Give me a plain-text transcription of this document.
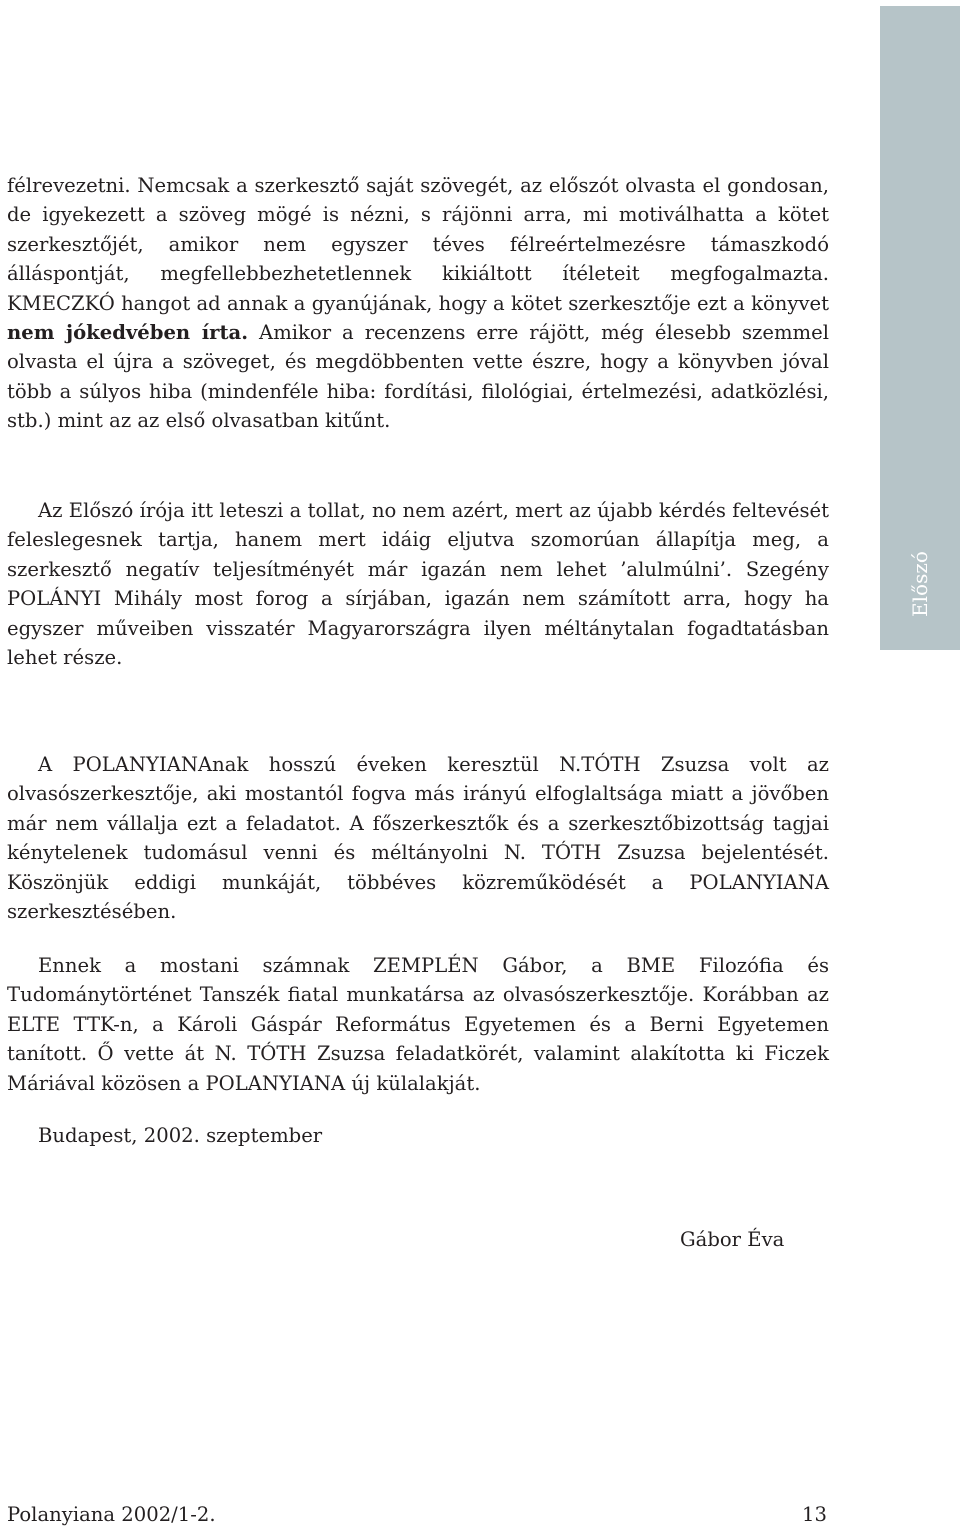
Előszó

félrevezetni. Nemcsak a szerkesztő saját szövegét, az előszót olvasta el gondosan, de igyekezett a szöveg mögé is nézni, s rájönni arra, mi motiválhatta a kötet szerkesztőjét, amikor nem egyszer téves félreértelmezésre támaszkodó álláspontját, megfellebbezhetetlennek kikiáltott ítéleteit megfogalmazta. KMECZKÓ hangot ad annak a gyanújának, hogy a kötet szerkesztője ezt a könyvet nem jókedvében írta. Amikor a recenzens erre rájött, még élesebb szemmel olvasta el újra a szöveget, és megdöbbenten vette észre, hogy a könyvben jóval több a súlyos hiba (mindenféle hiba: fordítási, filológiai, értelmezési, adatközlési, stb.) mint az az első olvasatban kitűnt.

Az Előszó írója itt leteszi a tollat, no nem azért, mert az újabb kérdés feltevését feleslegesnek tartja, hanem mert idáig eljutva szomorúan állapítja meg, a szerkesztő negatív teljesítményét már igazán nem lehet ’alulmúlni’. Szegény POLÁNYI Mihály most forog a sírjában, igazán nem számított arra, hogy ha egyszer műveiben visszatér Magyarországra ilyen méltánytalan fogadtatásban lehet része.

A POLANYIANAnak hosszú éveken keresztül N.TÓTH Zsuzsa volt az olvasószerkesztője, aki mostantól fogva más irányú elfoglaltsága miatt a jövőben már nem vállalja ezt a feladatot. A főszerkesztők és a szerkesztőbizottság tagjai kénytelenek tudomásul venni és méltányolni N. TÓTH Zsuzsa bejelentését. Köszönjük eddigi munkáját, többéves közreműködését a POLANYIANA szerkesztésében.

Ennek a mostani számnak ZEMPLÉN Gábor, a BME Filozófia és Tudománytörténet Tanszék fiatal munkatársa az olvasószerkesztője. Korábban az ELTE TTK-n, a Károli Gáspár Református Egyetemen és a Berni Egyetemen tanított. Ő vette át N. TÓTH Zsuzsa feladatkörét, valamint alakította ki Ficzek Máriával közösen a POLANYIANA új külalakját.

Budapest, 2002. szeptember

Gábor Éva

Polanyiana 2002/1-2.	13
